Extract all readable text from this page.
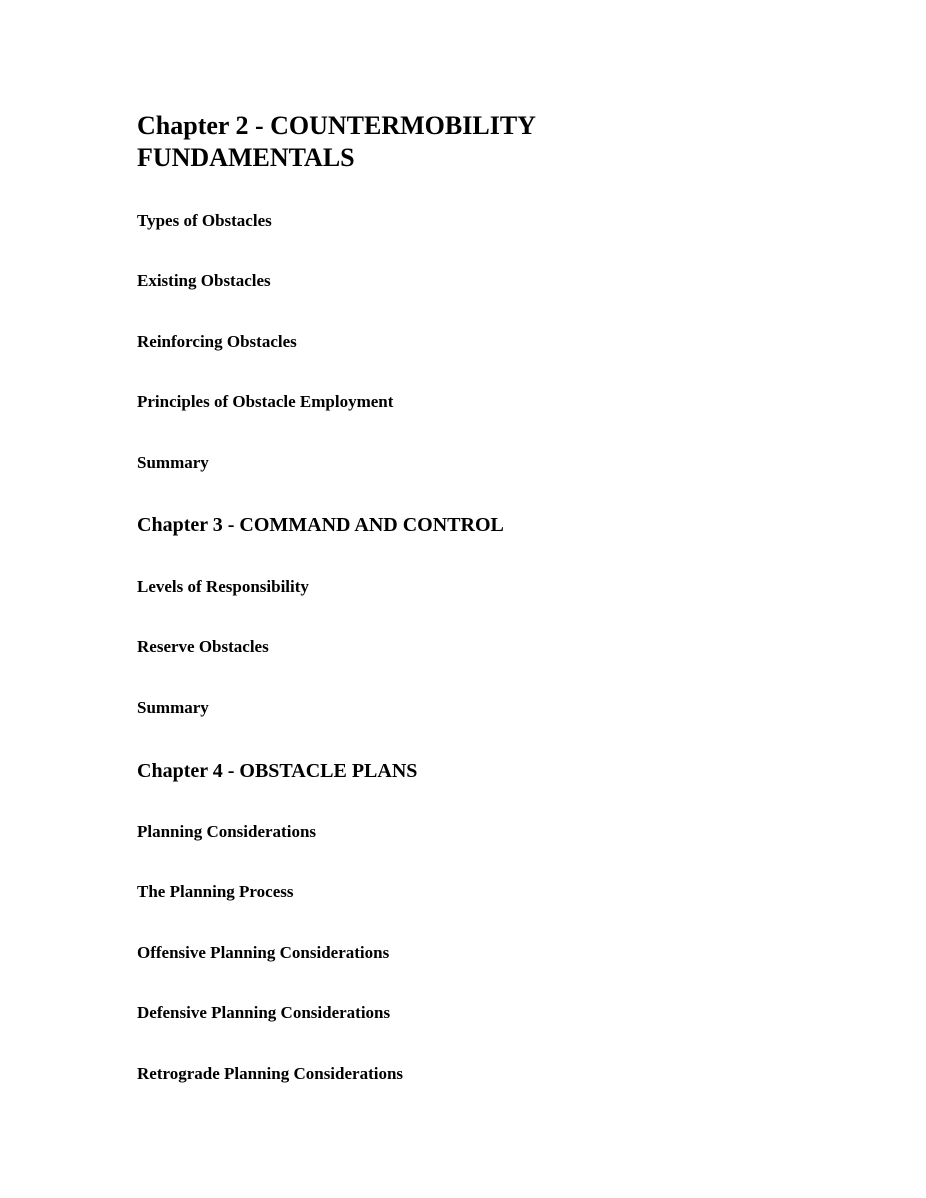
Chapter 2 - COUNTERMOBILITY
FUNDAMENTALS

Types of Obstacles

Existing Obstacles

Reinforcing Obstacles

Principles of Obstacle Employment

Summary

Chapter 3 - COMMAND AND CONTROL

Levels of Responsibility

Reserve Obstacles

Summary

Chapter 4 - OBSTACLE PLANS

Planning Considerations

The Planning Process

Offensive Planning Considerations

Defensive Planning Considerations

Retrograde Planning Considerations
